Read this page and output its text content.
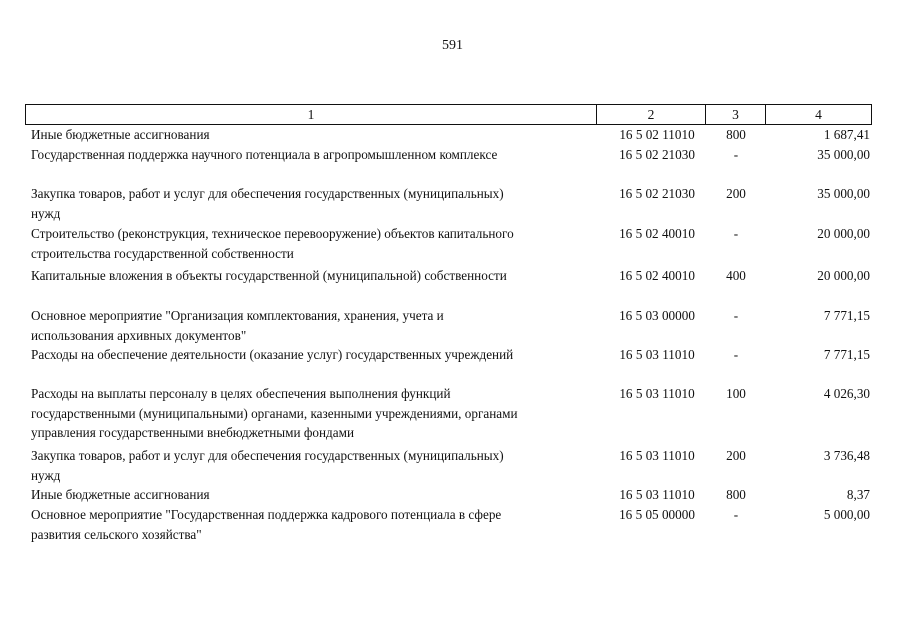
591
1	2	3	4
Иные бюджетные ассигнования	16 5 02 11010	800	1 687,41
Государственная поддержка научного потенциала в агропромышленном комплексе	16 5 02 21030	-	35 000,00
Закупка товаров, работ и услуг для обеспечения государственных (муниципальных)
нужд
16 5 02 21030	200	35 000,00
Строительство (реконструкция, техническое перевооружение) объектов капитального
строительства государственной собственности
16 5 02 40010	-	20 000,00
Капитальные вложения в объекты государственной (муниципальной) собственности	16 5 02 40010	400	20 000,00
Основное мероприятие "Организация комплектования, хранения, учета и
использования архивных документов"
16 5 03 00000	-	7 771,15
Расходы на обеспечение деятельности (оказание услуг) государственных учреждений	16 5 03 11010	-	7 771,15
Расходы на выплаты персоналу в целях обеспечения выполнения функций
государственными (муниципальными) органами, казенными учреждениями, органами
управления государственными внебюджетными фондами
16 5 03 11010	100	4 026,30
Закупка товаров, работ и услуг для обеспечения государственных (муниципальных)
нужд
16 5 03 11010	200	3 736,48
Иные бюджетные ассигнования	16 5 03 11010	800	8,37
Основное мероприятие "Государственная поддержка кадрового потенциала в сфере
развития сельского хозяйства"
16 5 05 00000	-	5 000,00
